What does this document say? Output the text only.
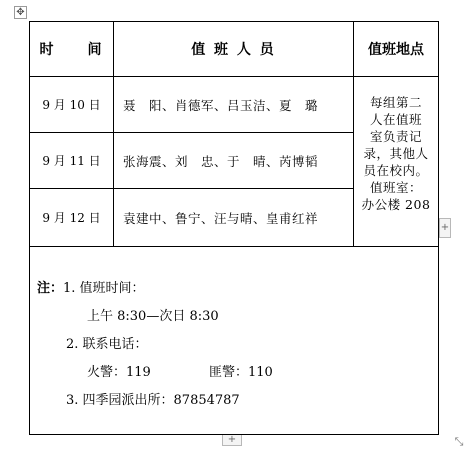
✥
+
+	⤡
时　　间	值 班 人 员	值班地点
9 月 10 日	聂　阳、肖德军、吕玉洁、夏　璐
9 月 11 日	张海震、刘　忠、于　晴、芮博韬
9 月 12 日	袁建中、鲁宁、汪与晴、皇甫红祥
每组第二
人在值班
室负责记
录，其他人
员在校内。
值班室：
办公楼 208
注：1. 值班时间：
上午 8:30—次日 8:30
2. 联系电话：
火警：119	匪警：110
3. 四季园派出所：87854787
